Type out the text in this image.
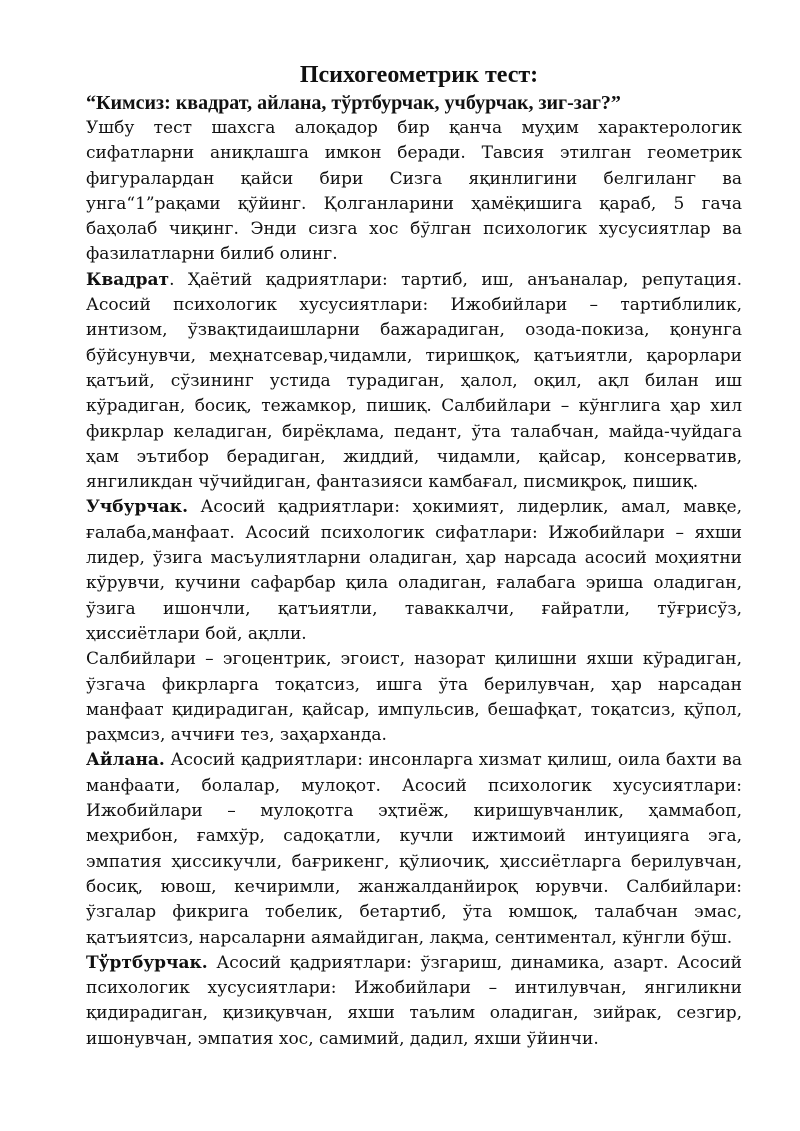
Психогеометрик тест:

“Кимсиз: квадрат, айлана, тўртбурчак, учбурчак, зиг-заг?”

Ушбу тест шахсга алоқадор бир қанча муҳим характерологик сифатларни аниқлашга имкон беради. Тавсия этилган геометрик фигуралардан қайси бири Сизга яқинлигини белгиланг ва унга“1”рақами қўйинг. Қолганларини ҳамёқишига қараб, 5 гача баҳолаб чиқинг. Энди сизга хос бўлган психологик хусусиятлар ва фазилатларни билиб олинг.

Квадрат. Ҳаётий қадриятлари: тартиб, иш, анъаналар, репутация. Асосий психологик хусусиятлари: Ижобийлари – тартиблилик, интизом, ўзвақтидаишларни бажарадиган, озода-покиза, қонунга бўйсунувчи, меҳнатсевар,чидамли, тиришқоқ, қатъиятли, қарорлари қатъий, сўзининг устида турадиган, ҳалол, оқил, ақл билан иш кўрадиган, босиқ, тежамкор, пишиқ. Салбийлари – кўнглига ҳар хил фикрлар келадиган, бирёқлама, педант, ўта талабчан, майда-чуйдага ҳам эътибор берадиган, жиддий, чидамли, қайсар, консерватив, янгиликдан чўчийдиган, фантазияси камбағал, писмиқроқ, пишиқ.

Учбурчак. Асосий қадриятлари: ҳокимият, лидерлик, амал, мавқе, ғалаба,манфаат. Асосий психологик сифатлари: Ижобийлари – яхши лидер, ўзига масъулиятларни оладиган, ҳар нарсада асосий моҳиятни кўрувчи, кучини сафарбар қила оладиган, ғалабага эриша оладиган, ўзига ишончли, қатъиятли, таваккалчи, ғайратли, тўғрисўз, ҳиссиётлари бой, ақлли.

Салбийлари – эгоцентрик, эгоист, назорат қилишни яхши кўрадиган, ўзгача фикрларга тоқатсиз, ишга ўта берилувчан, ҳар нарсадан манфаат қидирадиган, қайсар, импульсив, бешафқат, тоқатсиз, қўпол, раҳмсиз, аччиғи тез, заҳарханда.

Айлана. Асосий қадриятлари: инсонларга хизмат қилиш, оила бахти ва манфаати, болалар, мулоқот. Асосий психологик хусусиятлари: Ижобийлари – мулоқотга эҳтиёж, киришувчанлик, ҳаммабоп, меҳрибон, ғамхўр, садоқатли, кучли ижтимоий интуицияга эга, эмпатия ҳиссикучли, бағрикенг, қўлиочиқ, ҳиссиётларга берилувчан, босиқ, ювош, кечиримли, жанжалданйироқ юрувчи. Салбийлари: ўзгалар фикрига тобелик, бетартиб, ўта юмшоқ, талабчан эмас, қатъиятсиз, нарсаларни аямайдиган, лақма, сентиментал, кўнгли бўш.

Тўртбурчак. Асосий қадриятлари: ўзгариш, динамика, азарт. Асосий психологик хусусиятлари: Ижобийлари – интилувчан, янгиликни қидирадиган, қизиқувчан, яхши таълим оладиган, зийрак, сезгир, ишонувчан, эмпатия хос, самимий, дадил, яхши ўйинчи.
